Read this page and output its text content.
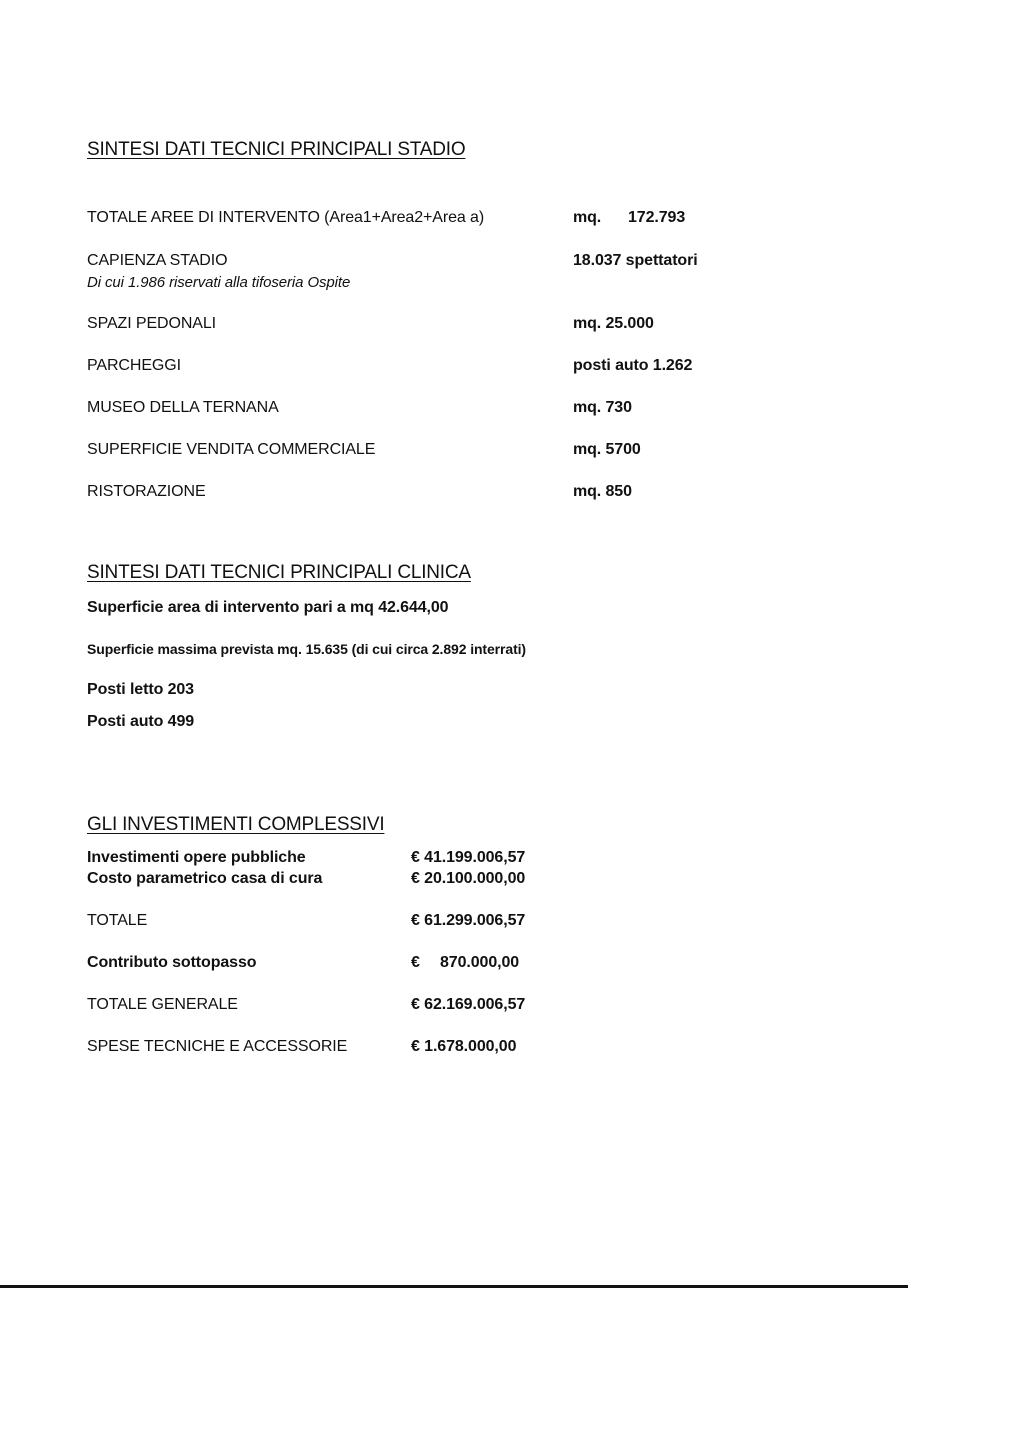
SINTESI DATI TECNICI PRINCIPALI STADIO
TOTALE AREE DI INTERVENTO (Area1+Area2+Area a)	mq. 172.793
CAPIENZA STADIO	18.037 spettatori
Di cui 1.986 riservati alla tifoseria Ospite
SPAZI PEDONALI	mq. 25.000
PARCHEGGI	posti auto 1.262
MUSEO DELLA TERNANA	mq. 730
SUPERFICIE VENDITA COMMERCIALE	mq. 5700
RISTORAZIONE	mq. 850
SINTESI DATI TECNICI PRINCIPALI CLINICA
Superficie area di intervento pari a mq 42.644,00
Superficie massima prevista mq. 15.635 (di cui circa 2.892 interrati)
Posti letto 203
Posti auto 499
GLI INVESTIMENTI COMPLESSIVI
Investimenti opere pubbliche	€ 41.199.006,57
Costo parametrico casa di cura	€ 20.100.000,00
TOTALE	€ 61.299.006,57
Contributo sottopasso	€ 870.000,00
TOTALE GENERALE	€ 62.169.006,57
SPESE TECNICHE E ACCESSORIE	€ 1.678.000,00
